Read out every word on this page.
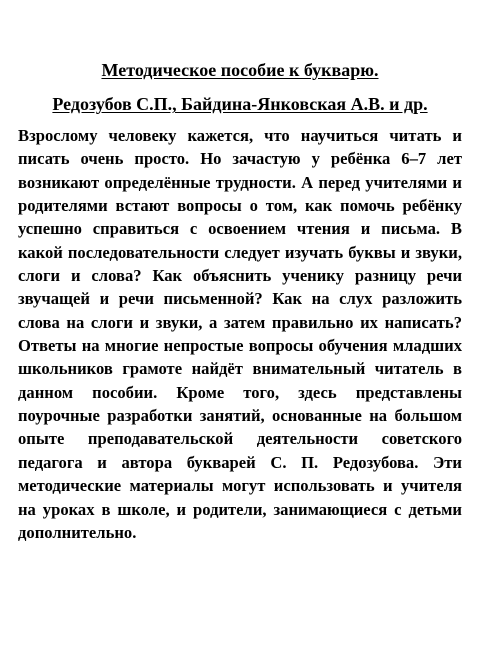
Методическое пособие к букварю.
Редозубов С.П., Байдина-Янковская А.В. и др.

Взрослому человеку кажется, что научиться читать и писать очень просто. Но зачастую у ребёнка 6–7 лет возникают определённые трудности. А перед учителями и родителями встают вопросы о том, как помочь ребёнку успешно справиться с освоением чтения и письма. В какой последовательности следует изучать буквы и звуки, слоги и слова? Как объяснить ученику разницу речи звучащей и речи письменной? Как на слух разложить слова на слоги и звуки, а затем правильно их написать? Ответы на многие непростые вопросы обучения младших школьников грамоте найдёт внимательный читатель в данном пособии. Кроме того, здесь представлены поурочные разработки занятий, основанные на большом опыте преподавательской деятельности советского педагога и автора букварей С. П. Редозубова. Эти методические материалы могут использовать и учителя на уроках в школе, и родители, занимающиеся с детьми дополнительно.
